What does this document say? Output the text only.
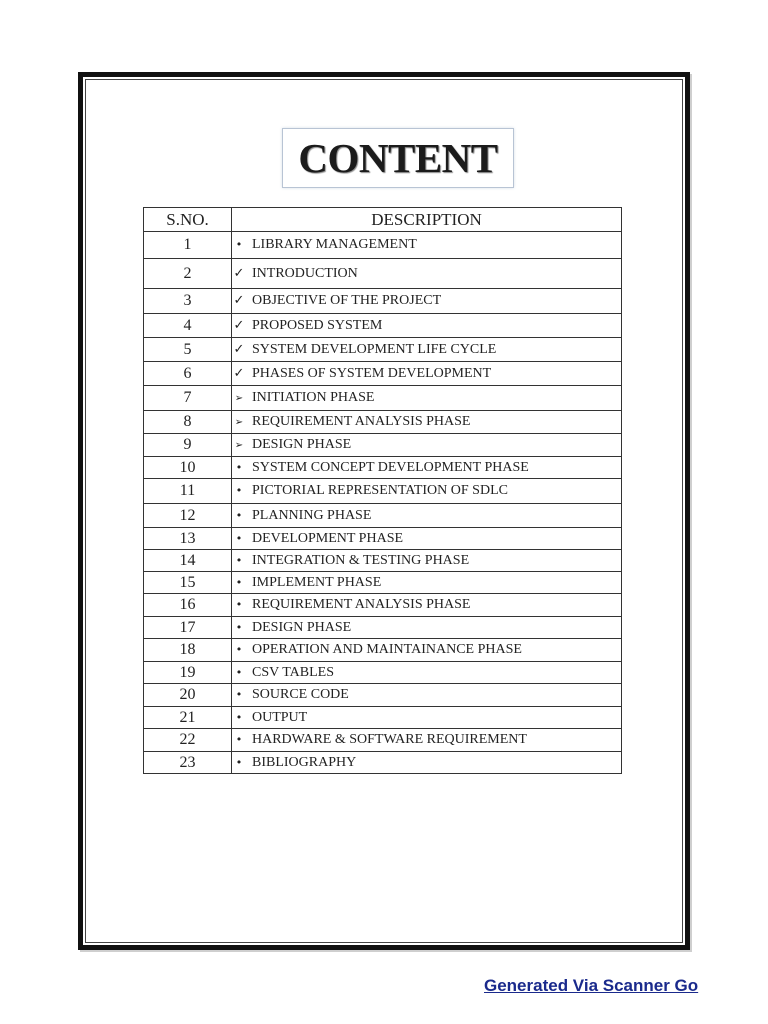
CONTENT
S.NO.	DESCRIPTION
1	• LIBRARY MANAGEMENT
2	✓ INTRODUCTION
3	✓ OBJECTIVE OF THE PROJECT
4	✓ PROPOSED SYSTEM
5	✓ SYSTEM DEVELOPMENT LIFE CYCLE
6	✓ PHASES OF SYSTEM DEVELOPMENT
7	➢ INITIATION PHASE
8	➢ REQUIREMENT ANALYSIS PHASE
9	➢ DESIGN PHASE
10	• SYSTEM CONCEPT DEVELOPMENT PHASE
11	• PICTORIAL REPRESENTATION OF SDLC
12	• PLANNING PHASE
13	• DEVELOPMENT PHASE
14	• INTEGRATION & TESTING PHASE
15	• IMPLEMENT PHASE
16	• REQUIREMENT ANALYSIS PHASE
17	• DESIGN PHASE
18	• OPERATION AND MAINTAINANCE PHASE
19	• CSV TABLES
20	• SOURCE CODE
21	• OUTPUT
22	• HARDWARE & SOFTWARE REQUIREMENT
23	• BIBLIOGRAPHY
Generated Via Scanner Go
